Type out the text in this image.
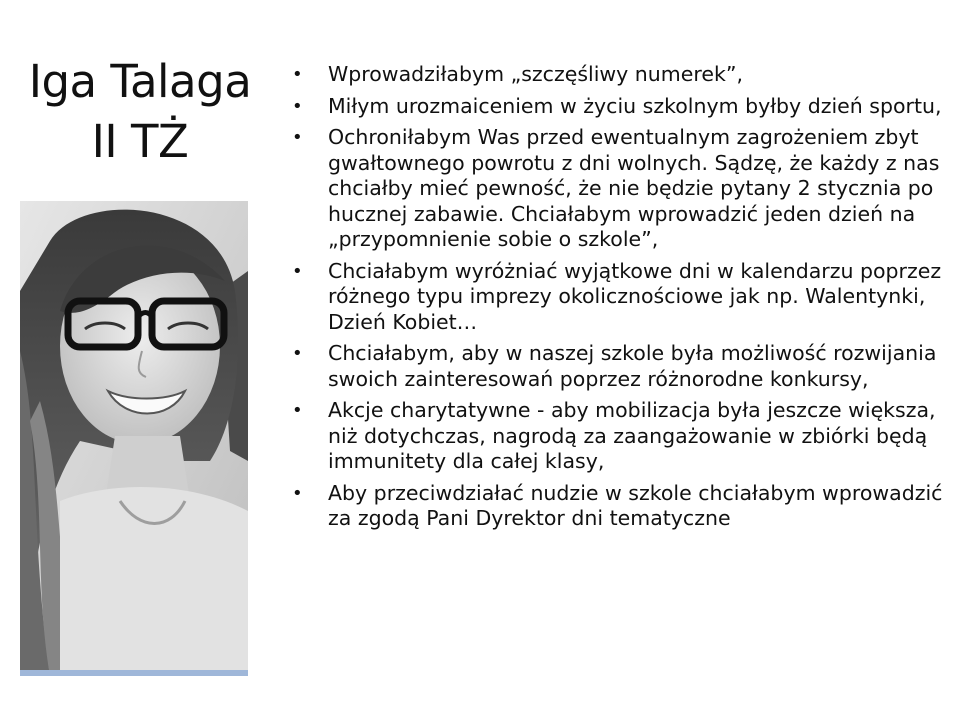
Iga Talaga
II TŻ
• Wprowadziłabym „szczęśliwy numerek”,
• Miłym urozmaiceniem w życiu szkolnym byłby dzień sportu,
• Ochroniłabym Was przed ewentualnym zagrożeniem zbyt gwałtownego powrotu z dni wolnych. Sądzę, że każdy z nas chciałby mieć pewność, że nie będzie pytany 2 stycznia po hucznej zabawie. Chciałabym wprowadzić jeden dzień na „przypomnienie sobie o szkole”,
• Chciałabym wyróżniać wyjątkowe dni w kalendarzu poprzez różnego typu imprezy okolicznościowe jak np. Walentynki, Dzień Kobiet…
• Chciałabym, aby w naszej szkole była możliwość rozwijania swoich zainteresowań poprzez różnorodne konkursy,
• Akcje charytatywne - aby mobilizacja była jeszcze większa, niż dotychczas, nagrodą za zaangażowanie w zbiórki będą immunitety dla całej klasy,
• Aby przeciwdziałać nudzie w szkole chciałabym wprowadzić za zgodą Pani Dyrektor dni tematyczne
